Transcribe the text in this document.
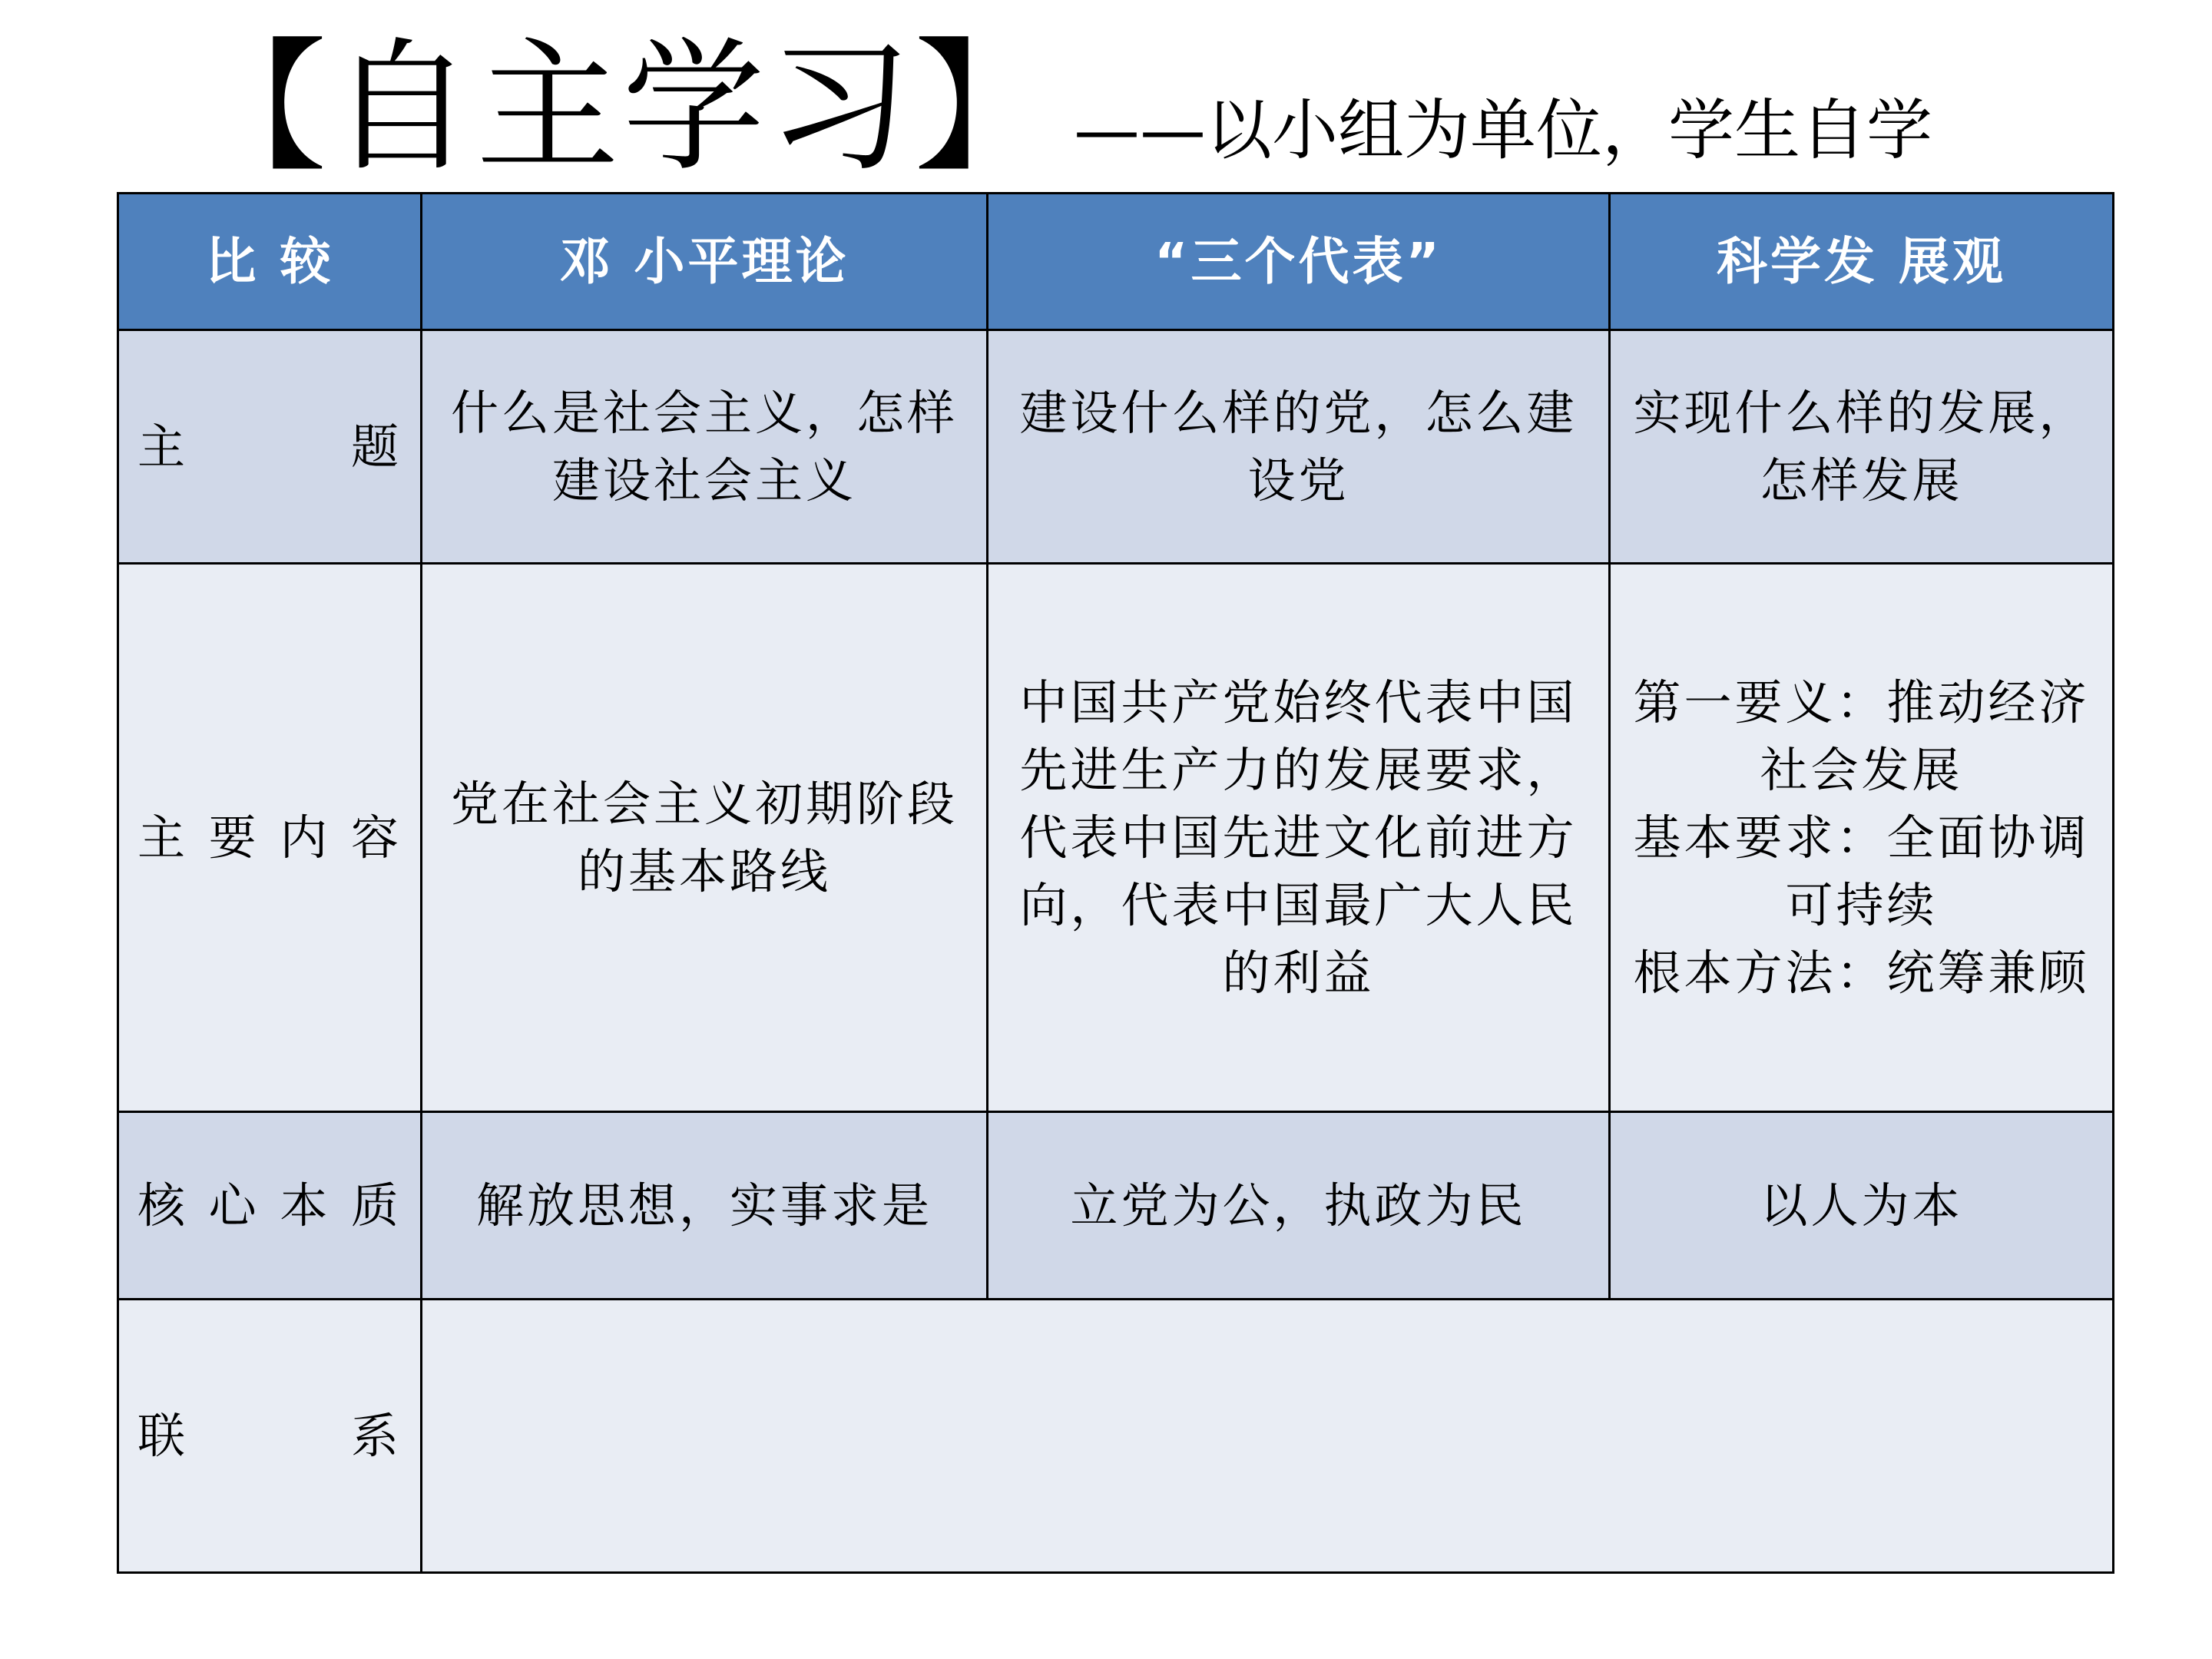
【自主学习】 ——以小组为单位，学生自学
比 较	邓 小平理论	“三个代表”	科学发 展观
主 题	什么是社会主义，怎样建设社会主义	建设什么样的党，怎么建设党	实现什么样的发展，怎样发展
主要内容	党在社会主义初期阶段的基本路线	中国共产党始终代表中国先进生产力的发展要求，代表中国先进文化前进方向，代表中国最广大人民的利益	第一要义：推动经济社会发展
基本要求：全面协调可持续
根本方法：统筹兼顾

核心本质	解放思想，实事求是	立党为公，执政为民	以人为本
联 系			
